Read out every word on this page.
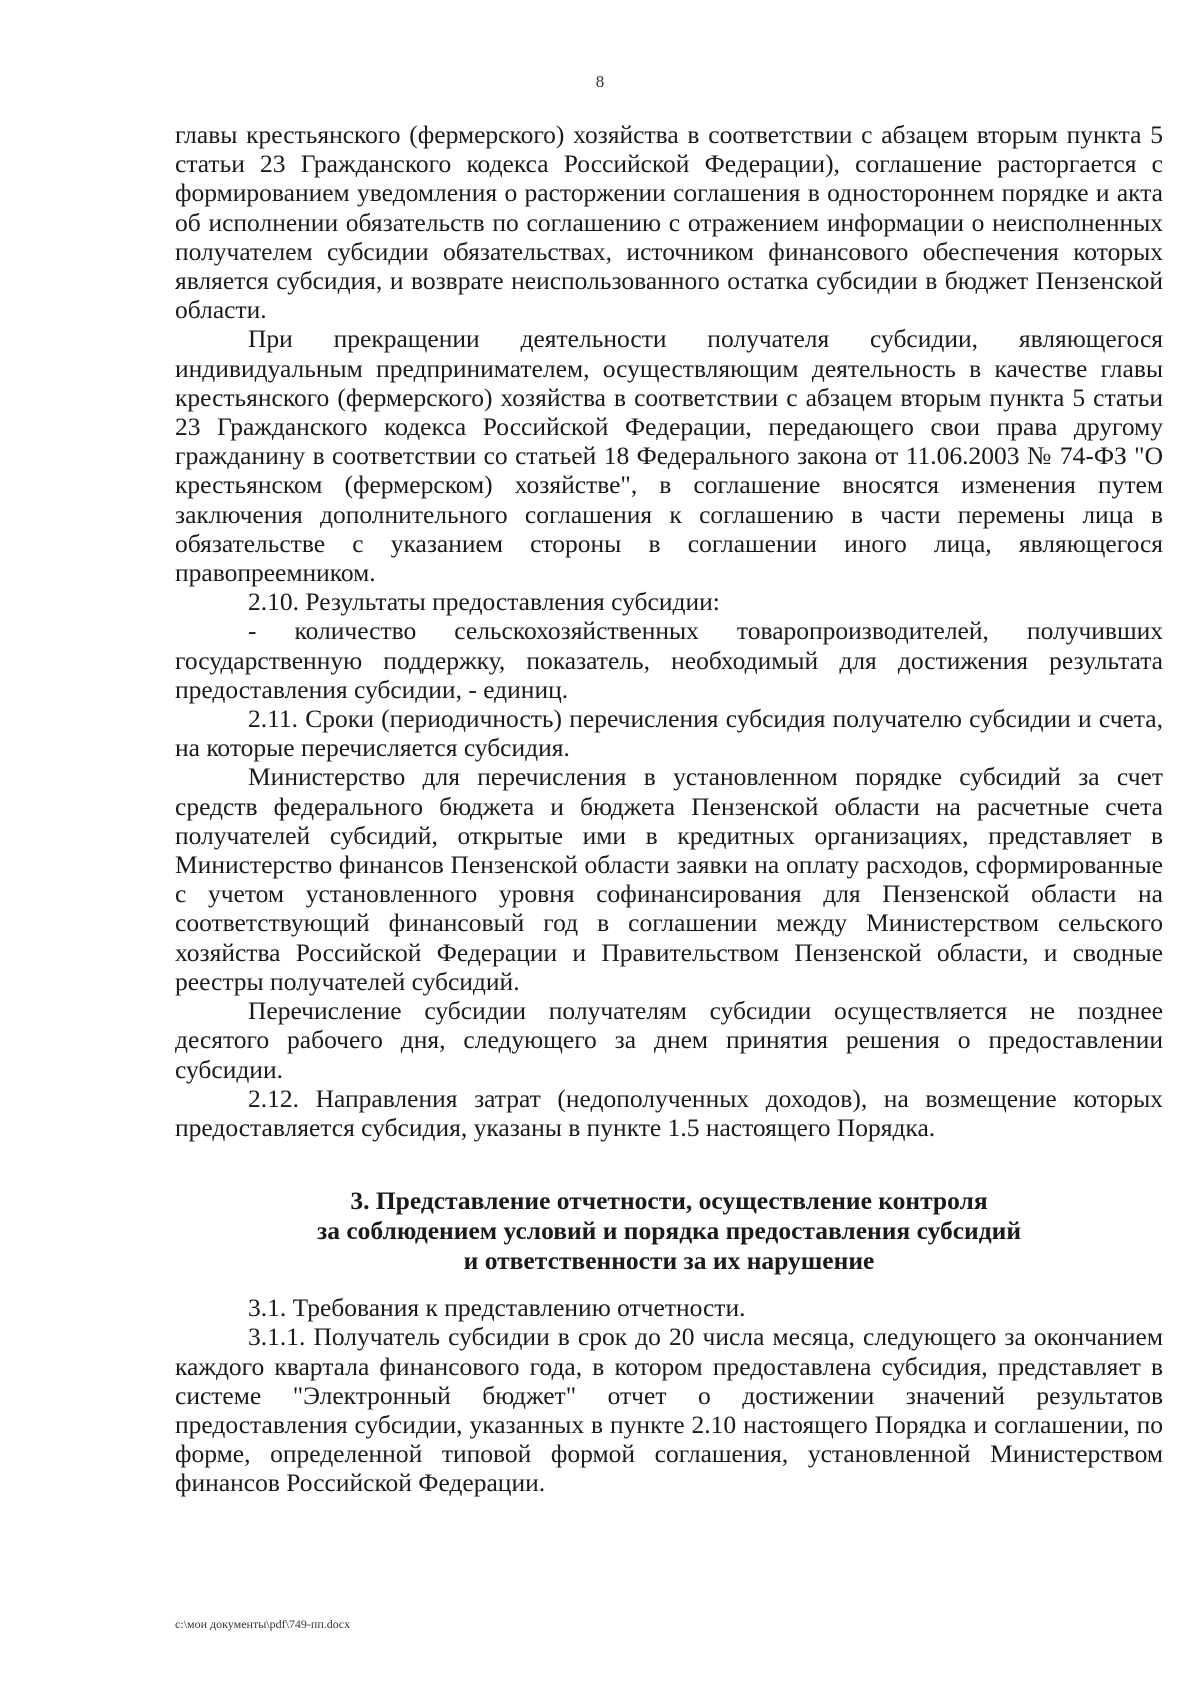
8

главы крестьянского (фермерского) хозяйства в соответствии с абзацем вторым пункта 5 статьи 23 Гражданского кодекса Российской Федерации), соглашение расторгается с формированием уведомления о расторжении соглашения в одностороннем порядке и акта об исполнении обязательств по соглашению с отражением информации о неисполненных получателем субсидии обязательствах, источником финансового обеспечения которых является субсидия, и возврате неиспользованного остатка субсидии в бюджет Пензенской области.

При прекращении деятельности получателя субсидии, являющегося индивидуальным предпринимателем, осуществляющим деятельность в качестве главы крестьянского (фермерского) хозяйства в соответствии с абзацем вторым пункта 5 статьи 23 Гражданского кодекса Российской Федерации, передающего свои права другому гражданину в соответствии со статьей 18 Федерального закона от 11.06.2003 № 74-ФЗ "О крестьянском (фермерском) хозяйстве", в соглашение вносятся изменения путем заключения дополнительного соглашения к соглашению в части перемены лица в обязательстве с указанием стороны в соглашении иного лица, являющегося правопреемником.

2.10. Результаты предоставления субсидии:

- количество сельскохозяйственных товаропроизводителей, получивших государственную поддержку, показатель, необходимый для достижения результата предоставления субсидии, - единиц.

2.11. Сроки (периодичность) перечисления субсидия получателю субсидии и счета, на которые перечисляется субсидия.

Министерство для перечисления в установленном порядке субсидий за счет средств федерального бюджета и бюджета Пензенской области на расчетные счета получателей субсидий, открытые ими в кредитных организациях, представляет в Министерство финансов Пензенской области заявки на оплату расходов, сформированные с учетом установленного уровня софинансирования для Пензенской области на соответствующий финансовый год в соглашении между Министерством сельского хозяйства Российской Федерации и Правительством Пензенской области, и сводные реестры получателей субсидий.

Перечисление субсидии получателям субсидии осуществляется не позднее десятого рабочего дня, следующего за днем принятия решения о предоставлении субсидии.

2.12. Направления затрат (недополученных доходов), на возмещение которых предоставляется субсидия, указаны в пункте 1.5 настоящего Порядка.

3. Представление отчетности, осуществление контроля
за соблюдением условий и порядка предоставления субсидий
и ответственности за их нарушение

3.1. Требования к представлению отчетности.

3.1.1. Получатель субсидии в срок до 20 числа месяца, следующего за окончанием каждого квартала финансового года, в котором предоставлена субсидия, представляет в системе "Электронный бюджет" отчет о достижении значений результатов предоставления субсидии, указанных в пункте 2.10 настоящего Порядка и соглашении, по форме, определенной типовой формой соглашения, установленной Министерством финансов Российской Федерации.

c:\мои документы\pdf\749-пп.docx
